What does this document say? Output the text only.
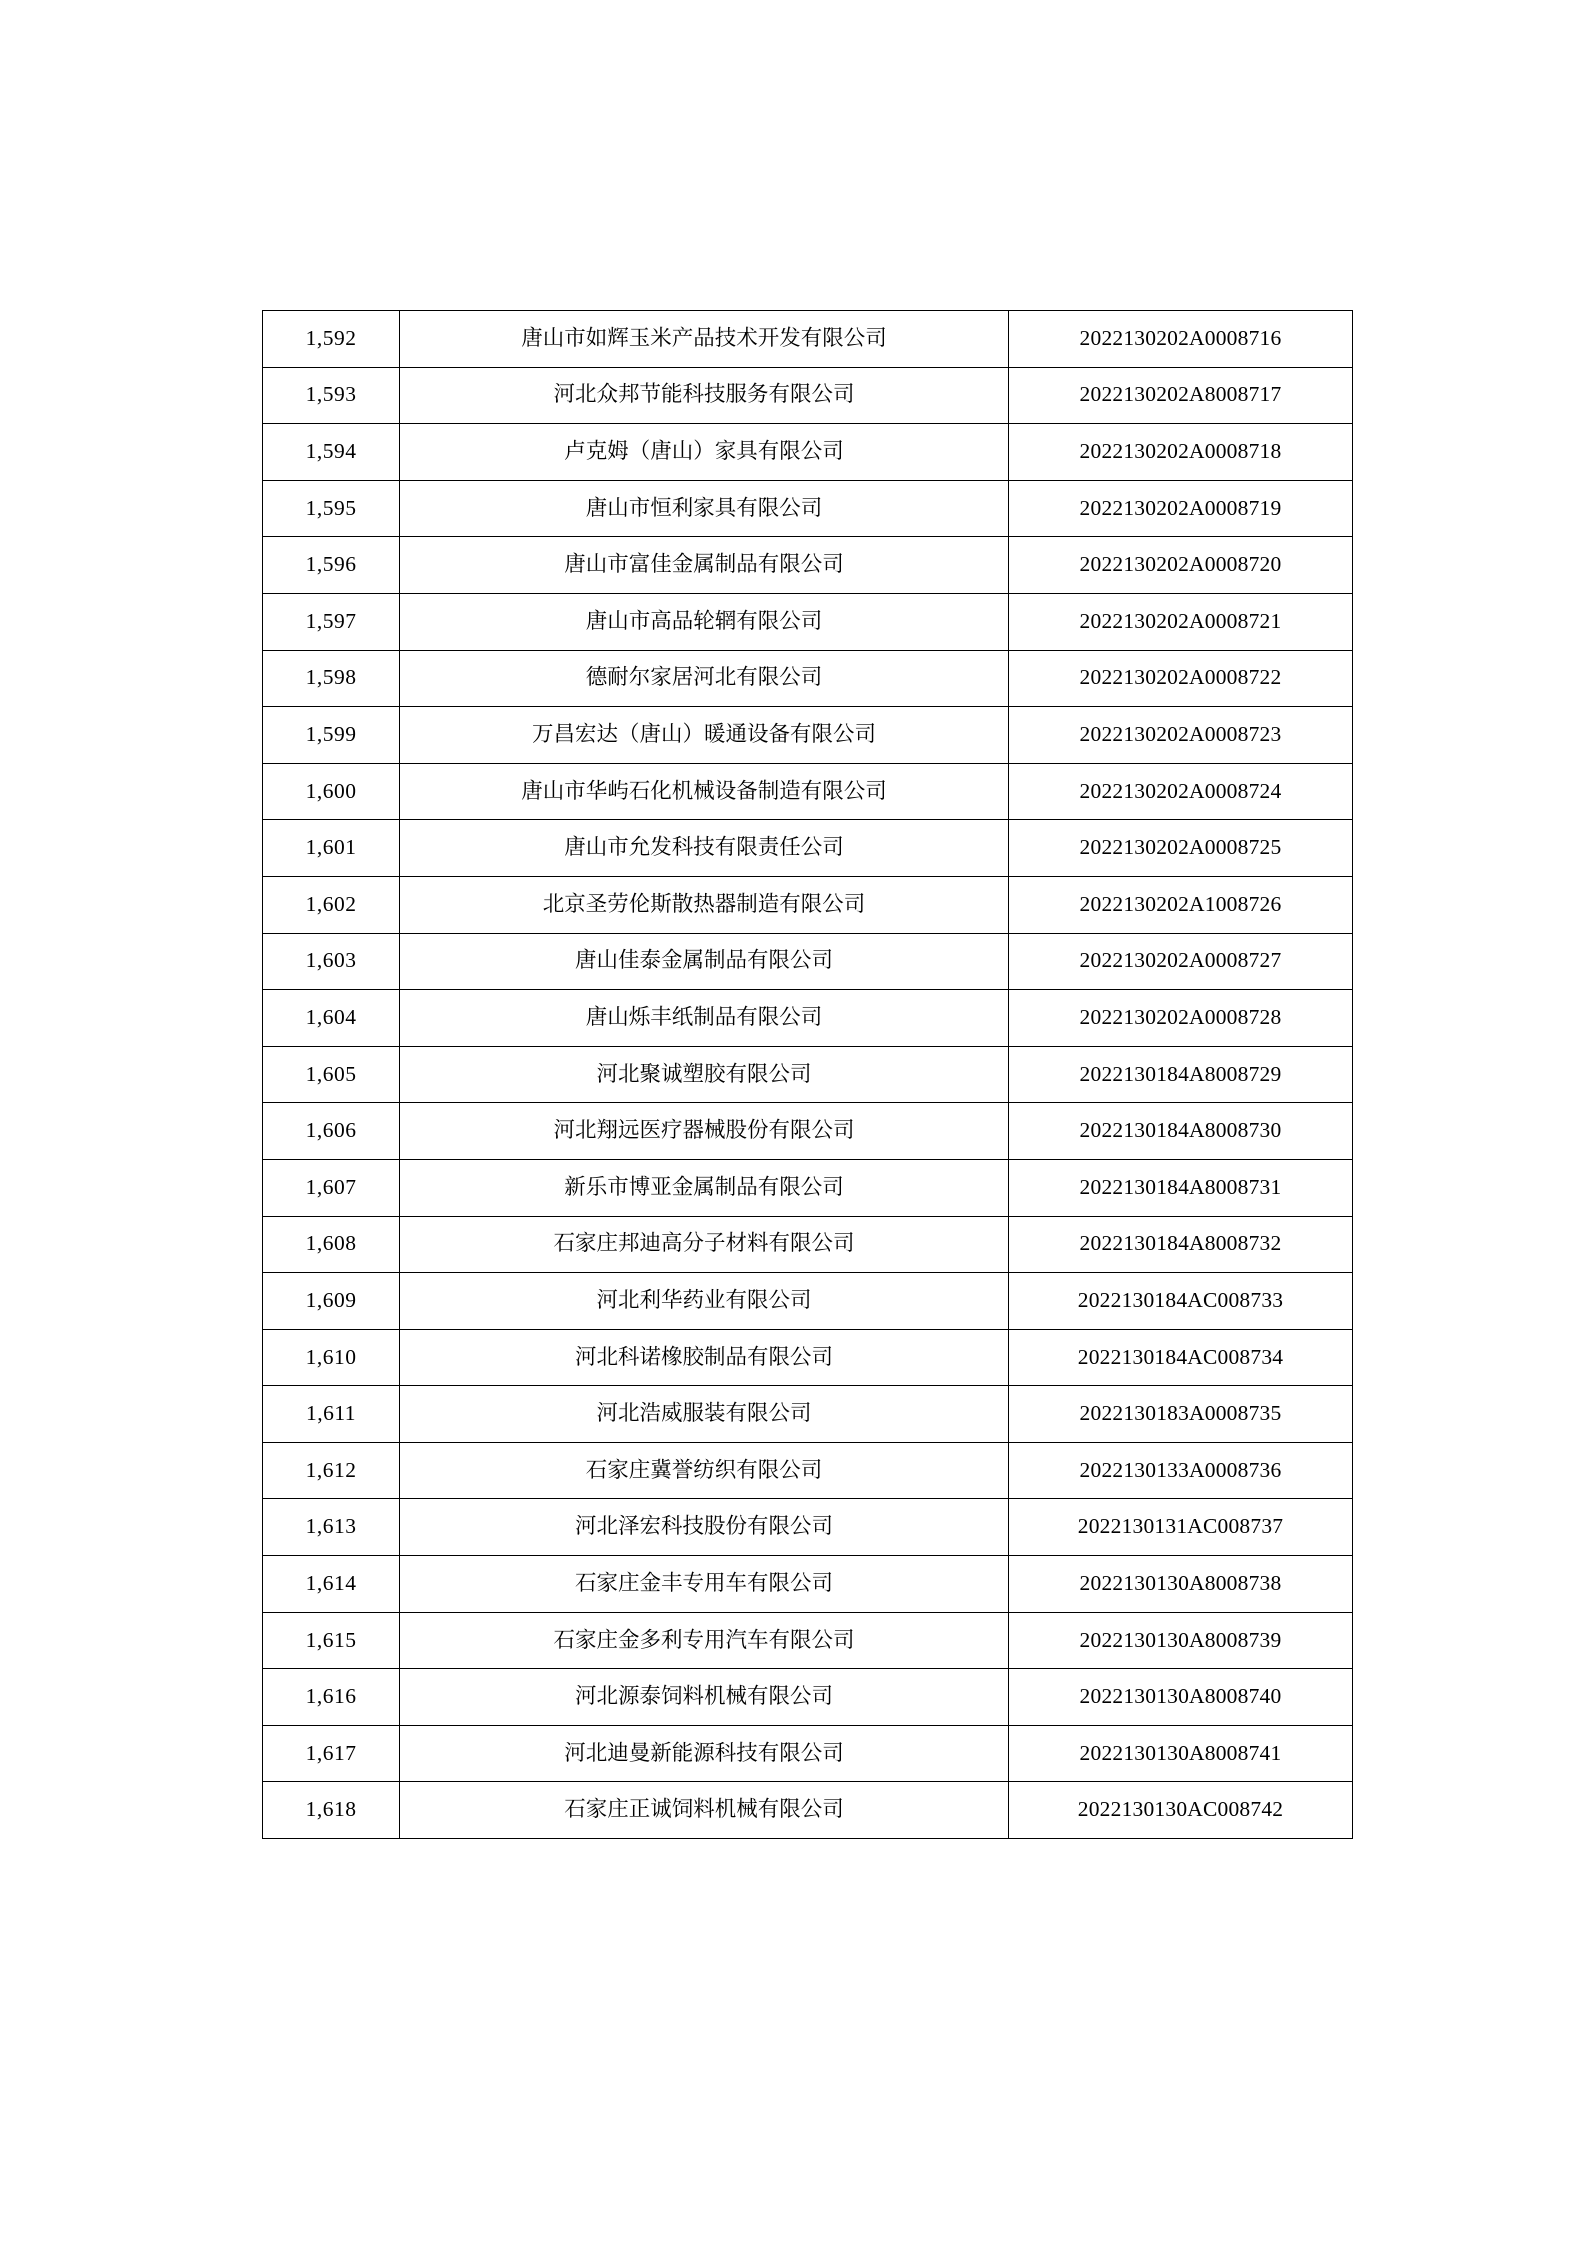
1,592	唐山市如辉玉米产品技术开发有限公司	2022130202A0008716
1,593	河北众邦节能科技服务有限公司	2022130202A8008717
1,594	卢克姆（唐山）家具有限公司	2022130202A0008718
1,595	唐山市恒利家具有限公司	2022130202A0008719
1,596	唐山市富佳金属制品有限公司	2022130202A0008720
1,597	唐山市高品轮辋有限公司	2022130202A0008721
1,598	德耐尔家居河北有限公司	2022130202A0008722
1,599	万昌宏达（唐山）暖通设备有限公司	2022130202A0008723
1,600	唐山市华屿石化机械设备制造有限公司	2022130202A0008724
1,601	唐山市允发科技有限责任公司	2022130202A0008725
1,602	北京圣劳伦斯散热器制造有限公司	2022130202A1008726
1,603	唐山佳泰金属制品有限公司	2022130202A0008727
1,604	唐山烁丰纸制品有限公司	2022130202A0008728
1,605	河北聚诚塑胶有限公司	2022130184A8008729
1,606	河北翔远医疗器械股份有限公司	2022130184A8008730
1,607	新乐市博亚金属制品有限公司	2022130184A8008731
1,608	石家庄邦迪高分子材料有限公司	2022130184A8008732
1,609	河北利华药业有限公司	2022130184AC008733
1,610	河北科诺橡胶制品有限公司	2022130184AC008734
1,611	河北浩威服装有限公司	2022130183A0008735
1,612	石家庄冀誉纺织有限公司	2022130133A0008736
1,613	河北泽宏科技股份有限公司	2022130131AC008737
1,614	石家庄金丰专用车有限公司	2022130130A8008738
1,615	石家庄金多利专用汽车有限公司	2022130130A8008739
1,616	河北源泰饲料机械有限公司	2022130130A8008740
1,617	河北迪曼新能源科技有限公司	2022130130A8008741
1,618	石家庄正诚饲料机械有限公司	2022130130AC008742
